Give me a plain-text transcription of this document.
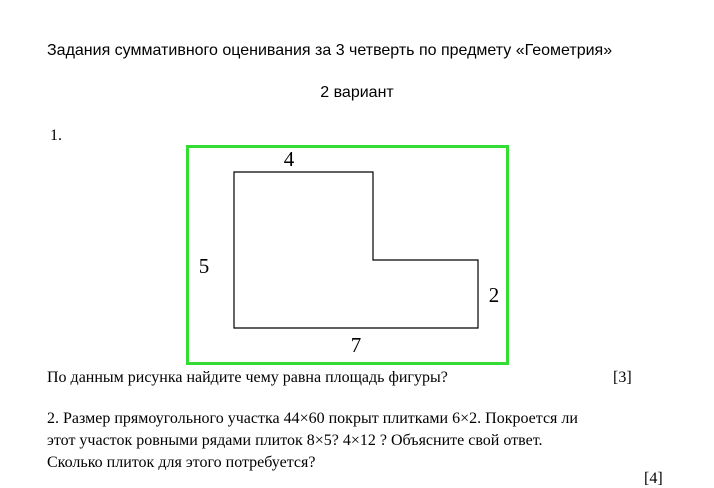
Задания суммативного оценивания за 3 четверть по предмету «Геометрия»
2 вариант
1.
4
5
2
7
По данным рисунка найдите чему равна площадь фигуры?	[3]
2. Размер прямоугольного участка 44×60 покрыт плитками 6×2. Покроется ли
этот участок ровными рядами плиток 8×5? 4×12 ? Объясните свой ответ.
Сколько плиток для этого потребуется?
[4]
